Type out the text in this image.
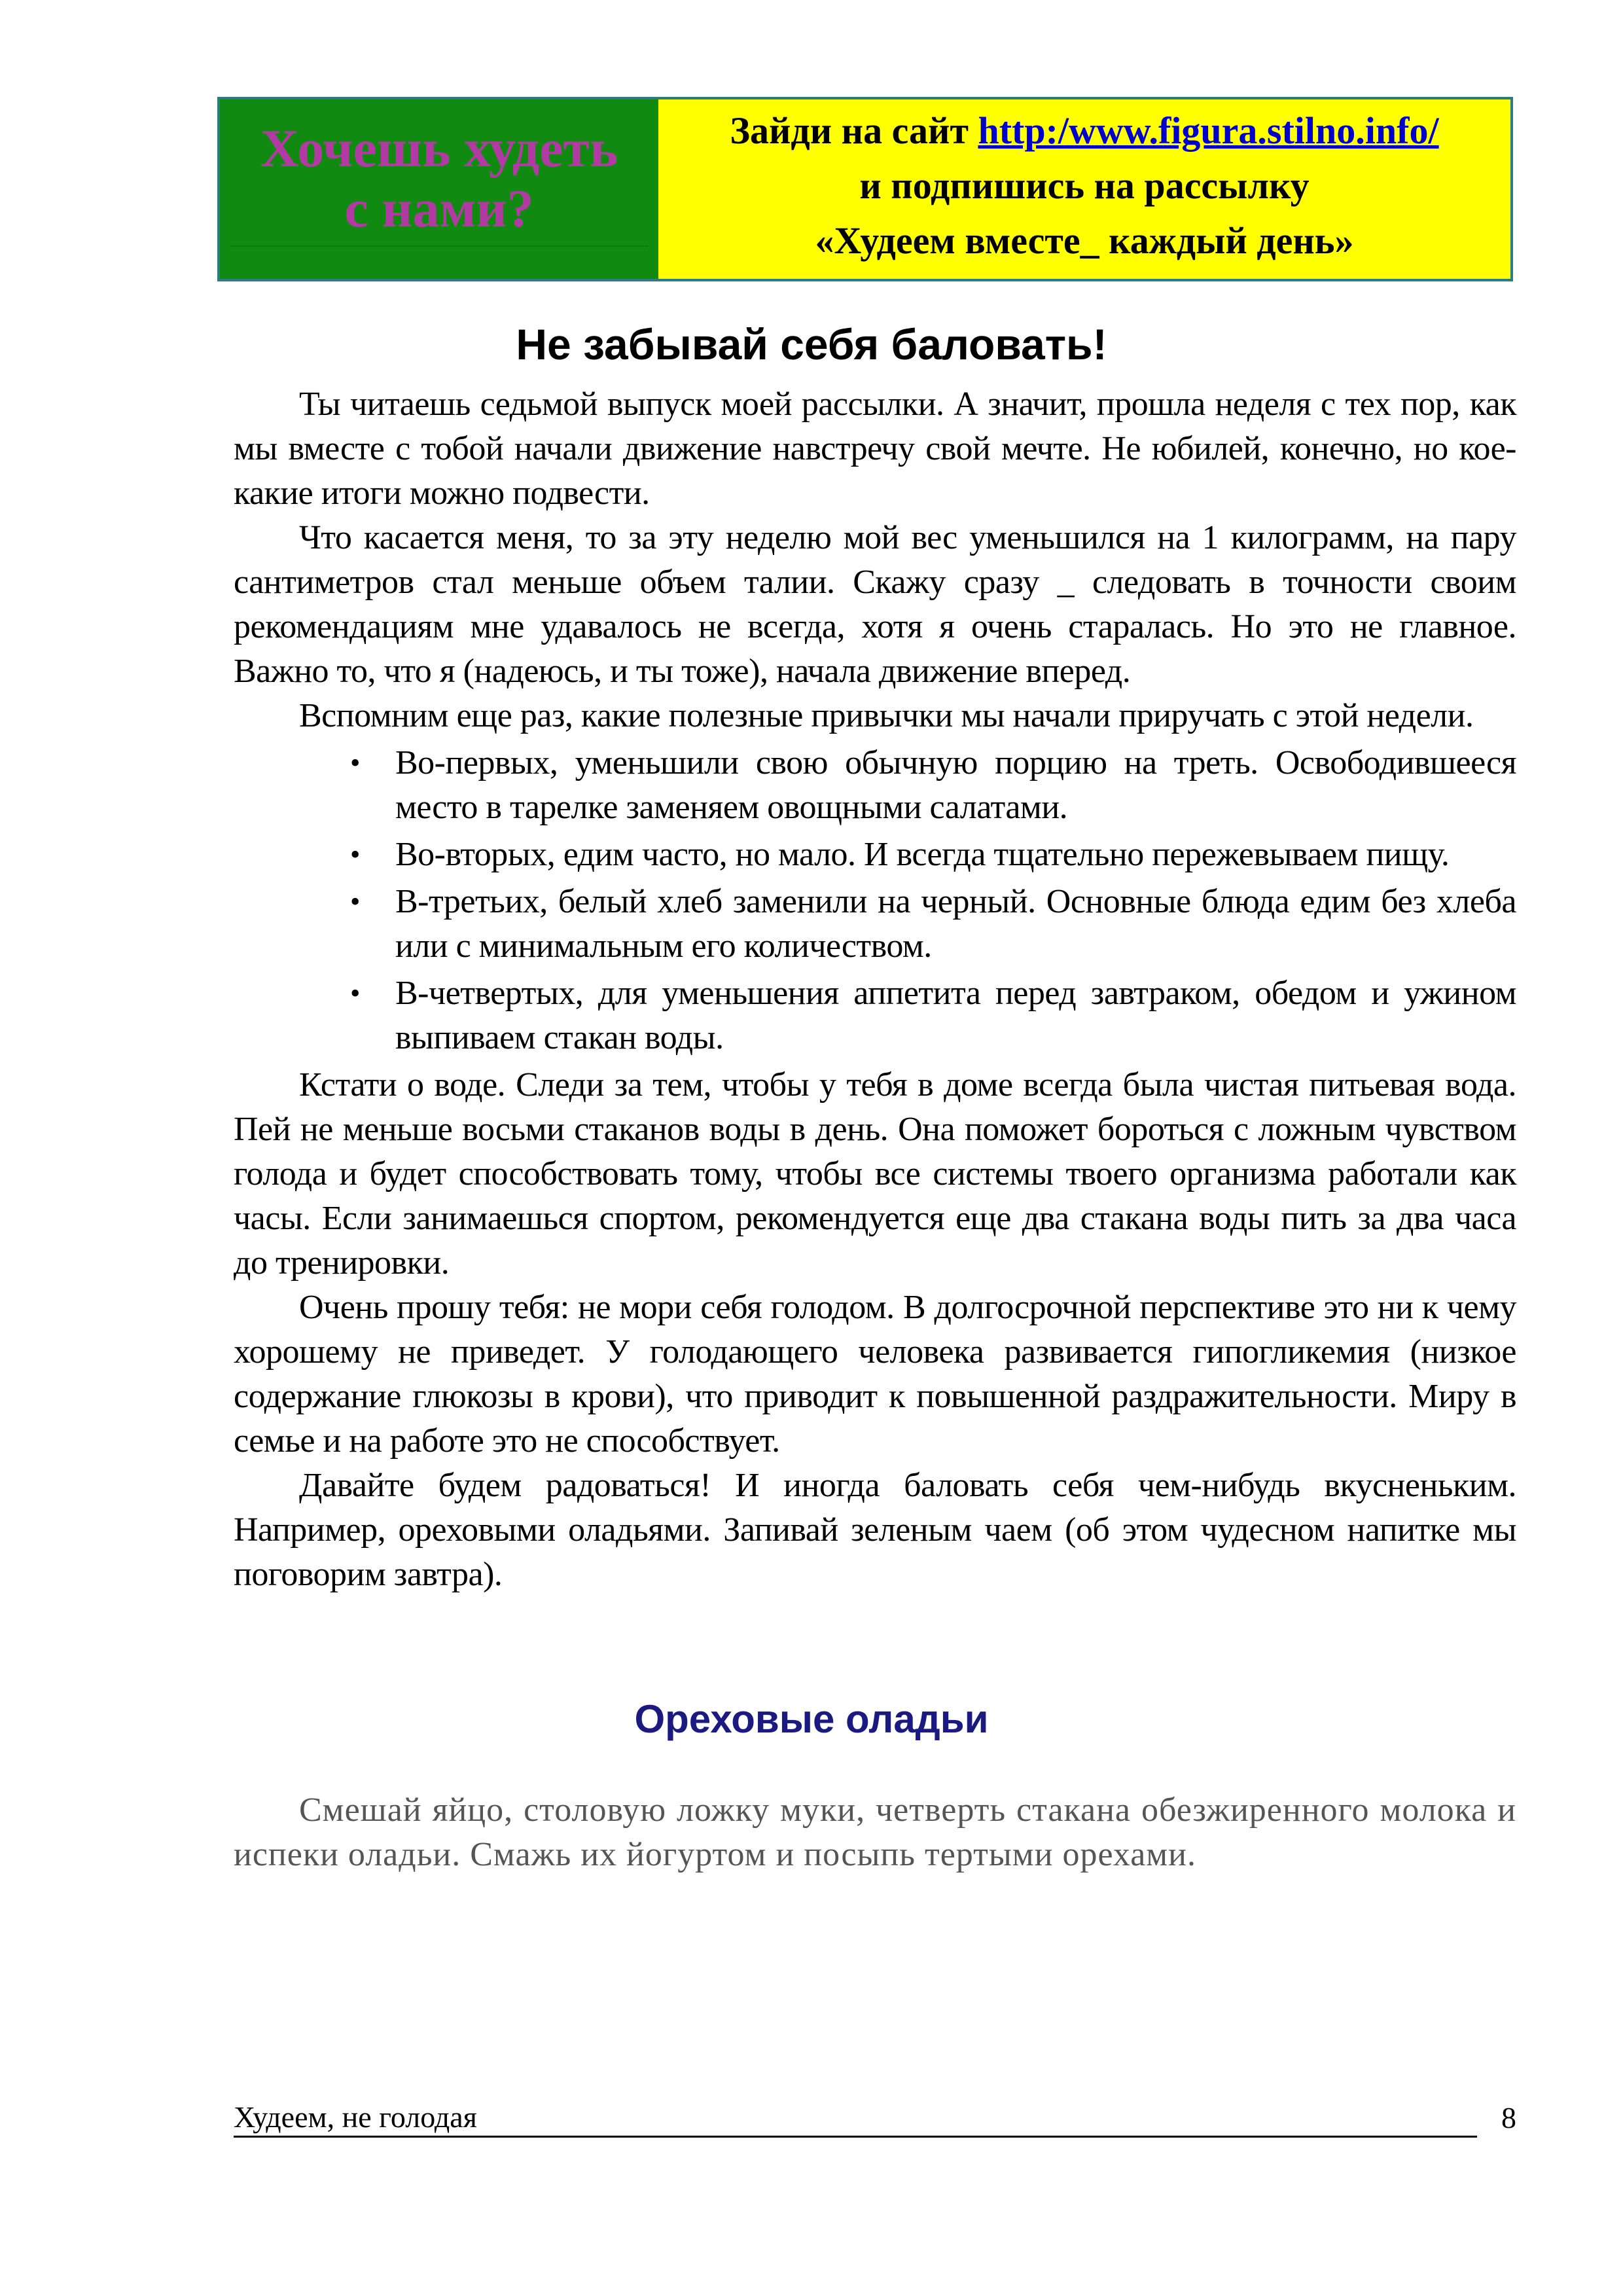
Хочешь худеть
с нами?
Зайди на сайт http:/www.figura.stilno.info/
и подпишись на рассылку
«Худеем вместе_ каждый день»
Не забывай себя баловать!

Ты читаешь седьмой выпуск моей рассылки. А значит, прошла неделя с тех пор, как мы вместе с тобой начали движение навстречу свой мечте. Не юбилей, конечно, но кое-какие итоги можно подвести.

Что касается меня, то за эту неделю мой вес уменьшился на 1 килограмм, на пару сантиметров стал меньше объем талии. Скажу сразу _ следовать в точности своим рекомендациям мне удавалось не всегда, хотя я очень старалась. Но это не главное. Важно то, что я (надеюсь, и ты тоже), начала движение вперед.

Вспомним еще раз, какие полезные привычки мы начали приручать с этой недели.

• Во-первых, уменьшили свою обычную порцию на треть. Освободившееся место в тарелке заменяем овощными салатами.
• Во-вторых, едим часто, но мало. И всегда тщательно пережевываем пищу.
• В-третьих, белый хлеб заменили на черный. Основные блюда едим без хлеба или с минимальным его количеством.
• В-четвертых, для уменьшения аппетита перед завтраком, обедом и ужином выпиваем стакан воды.

Кстати о воде. Следи за тем, чтобы у тебя в доме всегда была чистая питьевая вода. Пей не меньше восьми стаканов воды в день. Она поможет бороться с ложным чувством голода и будет способствовать тому, чтобы все системы твоего организма работали как часы. Если занимаешься спортом, рекомендуется еще два стакана воды пить за два часа до тренировки.

Очень прошу тебя: не мори себя голодом. В долгосрочной перспективе это ни к чему хорошему не приведет. У голодающего человека развивается гипогликемия (низкое содержание глюкозы в крови), что приводит к повышенной раздражительности. Миру в семье и на работе это не способствует.

Давайте будем радоваться! И иногда баловать себя чем-нибудь вкусненьким. Например, ореховыми оладьями. Запивай зеленым чаем (об этом чудесном напитке мы поговорим завтра).

Ореховые оладьи

Смешай яйцо, столовую ложку муки, четверть стакана обезжиренного молока и испеки оладьи. Смажь их йогуртом и посыпь тертыми орехами.

Худеем, не голодая	8
